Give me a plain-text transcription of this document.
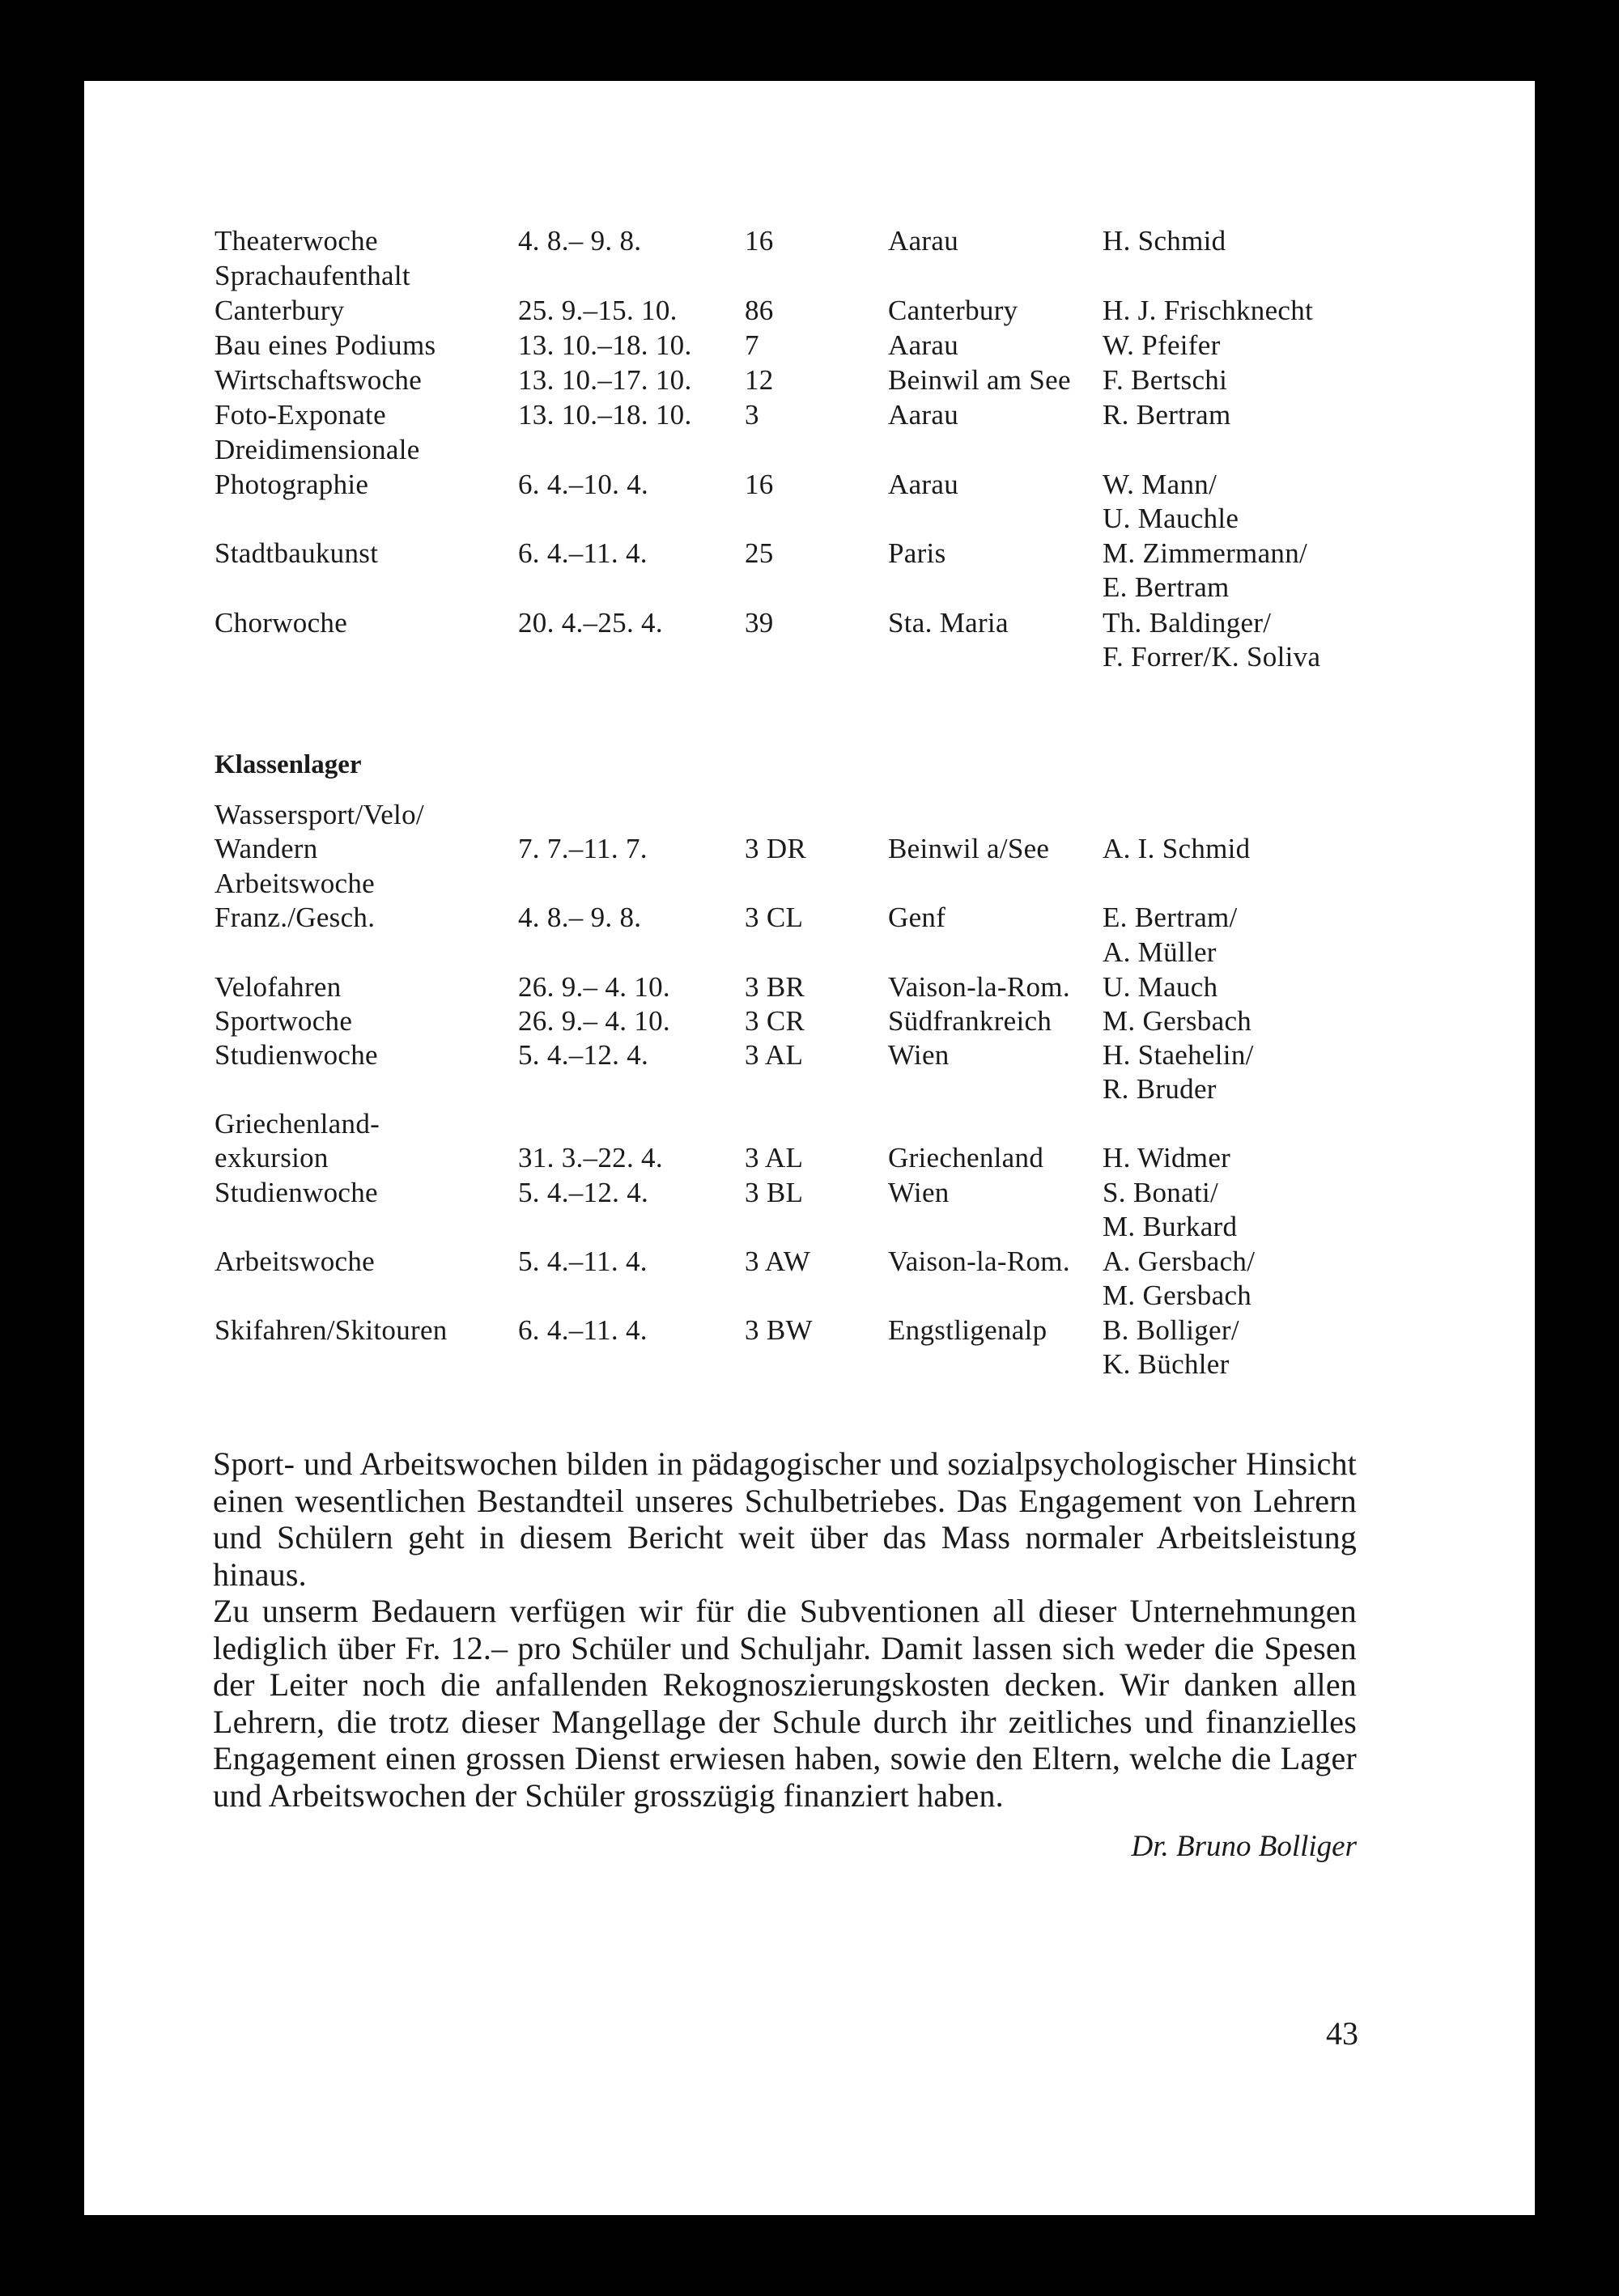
Theaterwoche	4. 8.– 9. 8.	16	Aarau	H. Schmid
Sprachaufenthalt
Canterbury	25. 9.–15. 10. 86	Canterbury	H. J. Frischknecht
Bau eines Podiums	13. 10.–18. 10. 7	Aarau	W. Pfeifer
Wirtschaftswoche	13. 10.–17. 10. 12	Beinwil am See F. Bertschi
Foto-Exponate	13. 10.–18. 10. 3	Aarau	R. Bertram
Dreidimensionale
Photographie	6. 4.–10. 4.	16	Aarau	W. Mann/
U. Mauchle
Stadtbaukunst	6. 4.–11. 4.	25	Paris	M. Zimmermann/
E. Bertram
Chorwoche	20. 4.–25. 4.	39	Sta. Maria	Th. Baldinger/
F. Forrer/K. Soliva
Klassenlager
Wassersport/Velo/
Wandern	7. 7.–11. 7.	3 DR	Beinwil a/See A. I. Schmid
Arbeitswoche
Franz./Gesch.	4. 8.– 9. 8.	3 CL	Genf	E. Bertram/
A. Müller
Velofahren	26. 9.– 4. 10.	3 BR	Vaison-la-Rom. U. Mauch
Sportwoche	26. 9.– 4. 10.	3 CR	Südfrankreich M. Gersbach
Studienwoche	5. 4.–12. 4.	3 AL	Wien	H. Staehelin/
R. Bruder
Griechenland-
exkursion	31. 3.–22. 4.	3 AL	Griechenland H. Widmer
Studienwoche	5. 4.–12. 4.	3 BL	Wien	S. Bonati/
M. Burkard
Arbeitswoche	5. 4.–11. 4.	3 AW	Vaison-la-Rom. A. Gersbach/
M. Gersbach
Skifahren/Skitouren 6. 4.–11. 4.	3 BW	Engstligenalp B. Bolliger/
K. Büchler

Sport- und Arbeitswochen bilden in pädagogischer und sozialpsychologischer Hinsicht einen wesentlichen Bestandteil unseres Schulbetriebes. Das Engagement von Lehrern und Schülern geht in diesem Bericht weit über das Mass normaler Arbeitsleistung hinaus.

Zu unserm Bedauern verfügen wir für die Subventionen all dieser Unternehmungen lediglich über Fr. 12.– pro Schüler und Schuljahr. Damit lassen sich weder die Spesen der Leiter noch die anfallenden Rekognoszierungskosten decken. Wir danken allen Lehrern, die trotz dieser Mangellage der Schule durch ihr zeitliches und finanzielles Engagement einen grossen Dienst erwiesen haben, sowie den Eltern, welche die Lager und Arbeitswochen der Schüler grosszügig finanziert haben.

Dr. Bruno Bolliger
43
